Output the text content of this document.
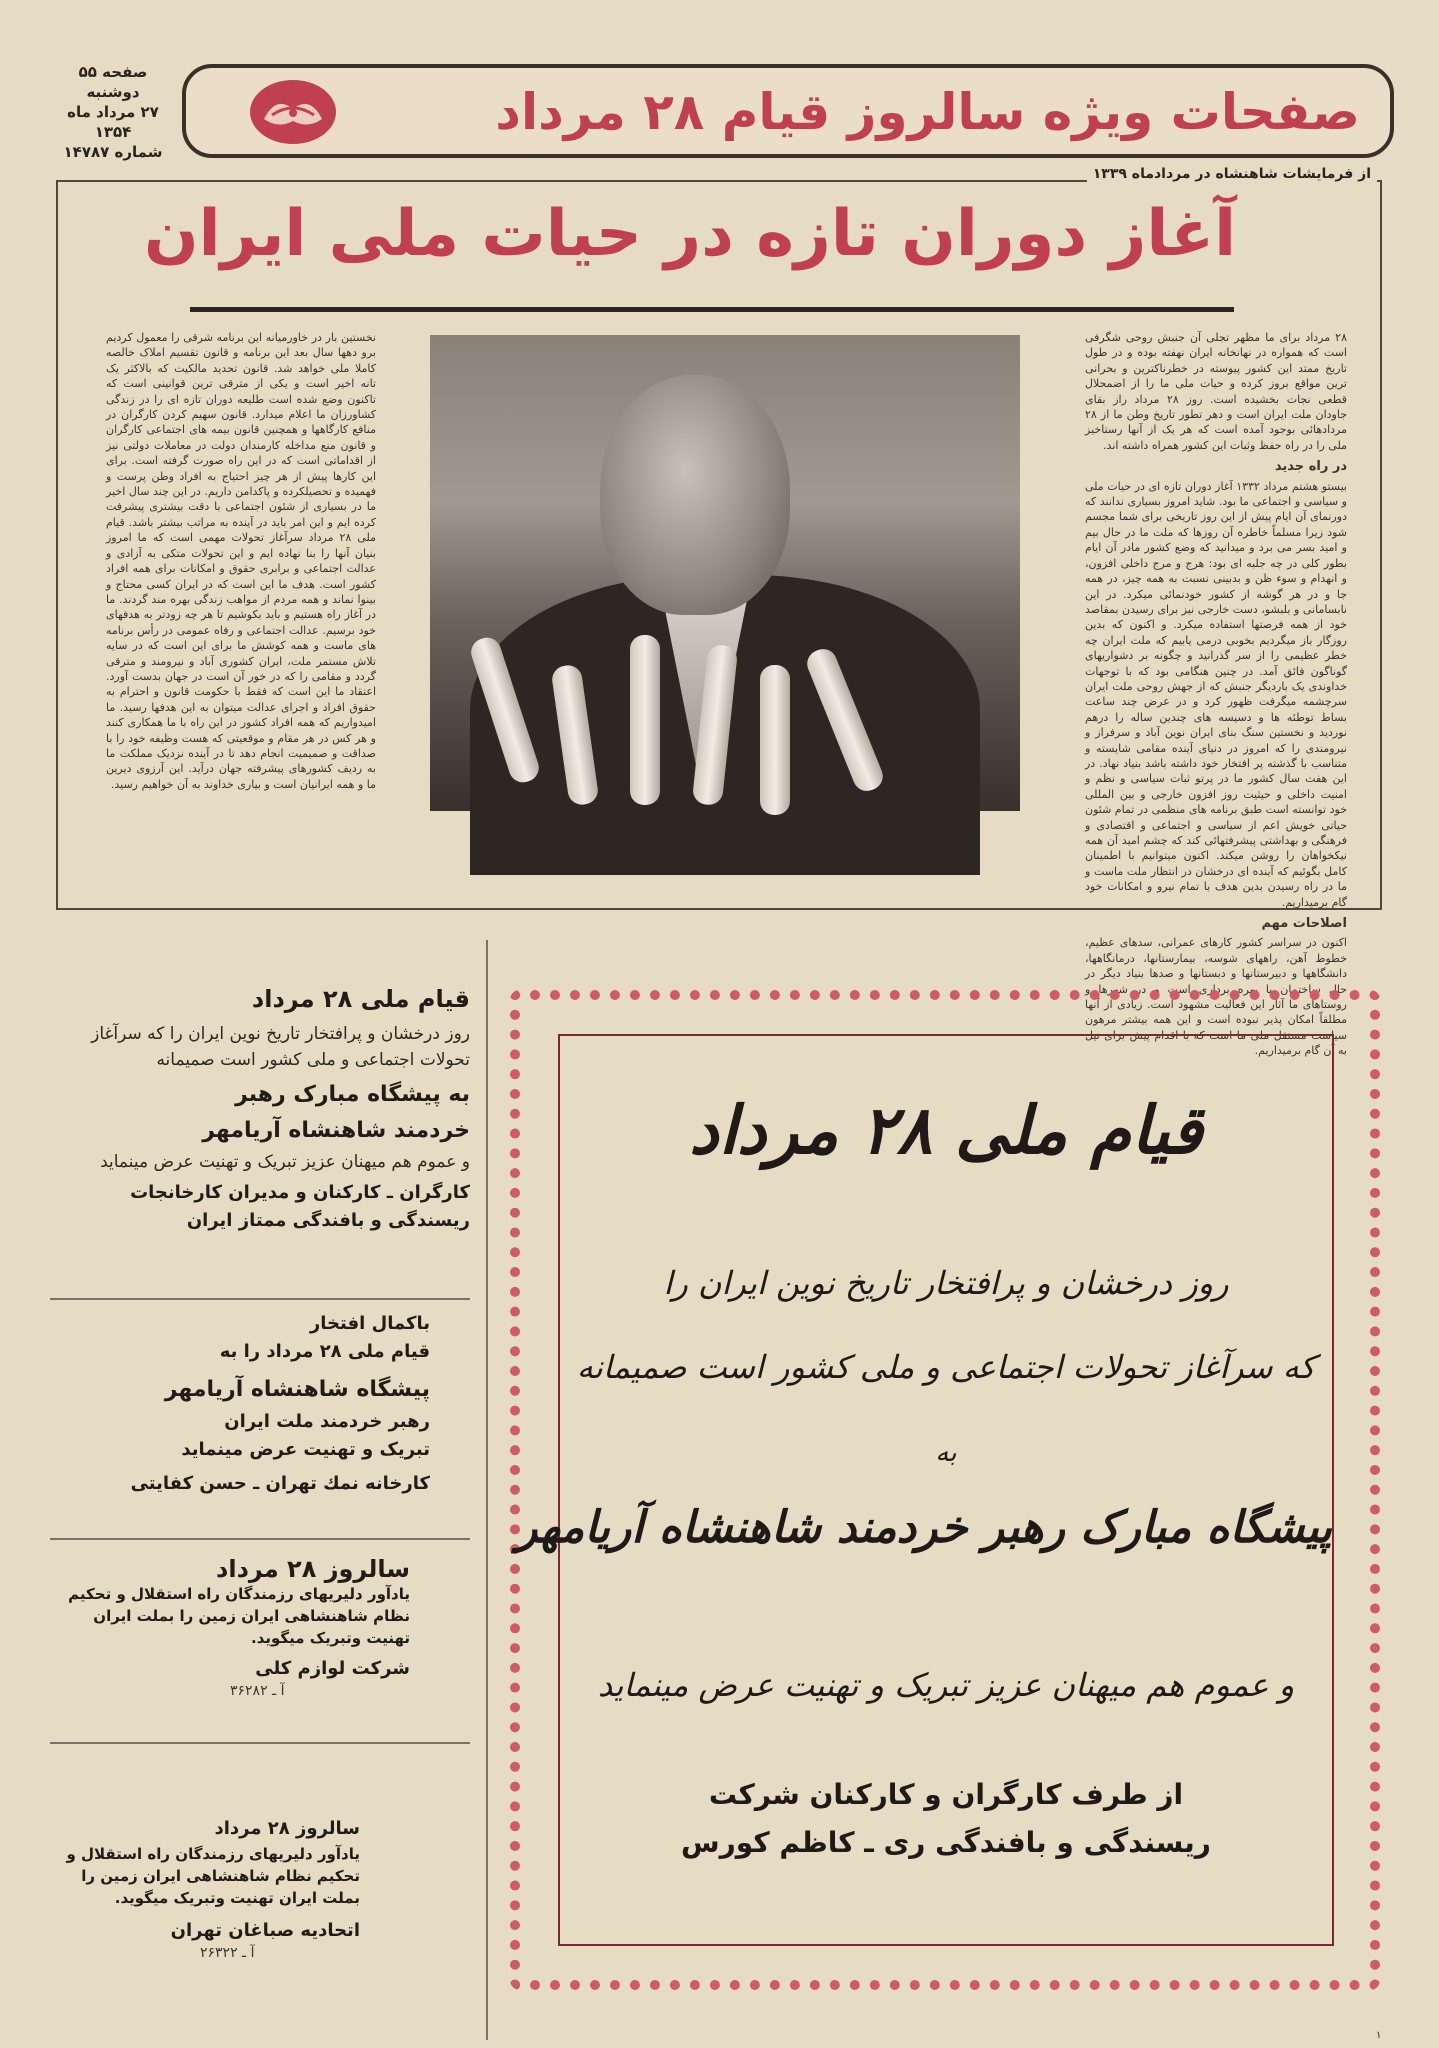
صفحه ۵۵
دوشنبه
۲۷ مرداد ماه ۱۳۵۴
شماره ۱۴۷۸۷
صفحات ویژه سالروز قیام ۲۸ مرداد
از فرمایشات شاهنشاه در مردادماه ۱۳۳۹
آغاز دوران تازه در حیات ملی ایران
۲۸ مرداد برای ما مظهر تجلی آن جنبش روحی شگرفی است که همواره در نهانخانه ایران نهفته بوده و در طول تاریخ ممتد این کشور پیوسته در خطرناکترین و بحرانی ترین مواقع بروز کرده و حیات ملی ما را از اضمحلال قطعی نجات بخشیده است. روز ۲۸ مرداد راز بقای جاودان ملت ایران است و دهر تطور تاریخ وطن ما از ۲۸ مردادهائی بوجود آمده است که هر یک از آنها رستاخیز ملی را در راه حفظ وثبات این کشور همراه داشته اند.
در راه جدید
بیستو هشتم مرداد ۱۳۳۲ آغاز دوران تازه ای در حیات ملی و سیاسی و اجتماعی ما بود. شاید امروز بسیاری ندانند که دورنمای آن ایام پیش از این روز تاریخی برای شما مجسم شود زیرا مسلماً خاطره آن روزها که ملت ما در حال بیم و امید بسر می برد و میدانید که وضع کشور مادر آن ایام بطور کلی در چه جلبه ای بود: هرج و مرج داخلی افزون، و انهدام و سوء ظن و بدبینی نسبت به همه چیز، در همه جا و در هر گوشه از کشور خودنمائی میکرد. در این نابسامانی و بلبشو، دست خارجی نیز برای رسیدن بمقاصد خود از همه فرصتها استفاده میکرد. و اکنون که بدین روزگار باز میگردیم بخوبی درمی یابیم که ملت ایران چه خطر عظیمی را از سر گذرانید و چگونه بر دشواریهای گوناگون فائق آمد. در چنین هنگامی بود که با توجهات خداوندی یک باردیگر جنبش که از جهش روحی ملت ایران سرچشمه میگرفت ظهور کرد و در عرض چند ساعت بساط توطئه ها و دسیسه های چندین ساله را درهم نوردید و نخستین سنگ بنای ایران نوین آباد و سرفراز و نیرومندی را که امروز در دنیای آینده مقامی شایسته و متناسب با گذشته پر افتخار خود داشته باشد بنیاد نهاد. در این هفت سال کشور ما در پرتو ثبات سیاسی و نظم و امنیت داخلی و حیثیت روز افزون خارجی و بین المللی خود توانسته است طبق برنامه های منظمی در تمام شئون حیاتی خویش اعم از سیاسی و اجتماعی و اقتصادی و فرهنگی و بهداشتی پیشرفتهائی کند که چشم امید آن همه نیکخواهان را روشن میکند. اکنون میتوانیم با اطمینان کامل بگوئیم که آینده ای درخشان در انتظار ملت ماست و ما در راه رسیدن بدین هدف با تمام نیرو و امکانات خود گام برمیداریم.
اصلاحات مهم
اکنون در سراسر کشور کارهای عمرانی، سدهای عظیم، خطوط آهن، راههای شوسه، بیمارستانها، درمانگاهها، دانشگاهها و دبیرستانها و دبستانها و صدها بنیاد دیگر در حال ساختمان یا بهره برداری است و در شهرها و روستاهای ما آثار این فعالیت مشهود است. زیادی از آنها مطلقاً امکان پذیر نبوده است و این همه بیشتر مرهون سیاست مستقل ملی ما است که با اقدام پیش برای نیل به آن گام برمیداریم.
نخستین بار در خاورمیانه این برنامه شرقی را معمول کردیم برو دهها سال بعد این برنامه و قانون تقسیم املاک خالصه کاملا ملی خواهد شد. قانون تحدید مالکیت که بالاکثر یک تانه اخیر است و یکی از مترقی ترین قوانینی است که تاکنون وضع شده است طلیعه دوران تازه ای را در زندگی کشاورزان ما اعلام میدارد. قانون سهیم کردن کارگران در منافع کارگاهها و همچنین قانون بیمه های اجتماعی کارگران و قانون منع مداخله کارمندان دولت در معاملات دولتی نیز از اقداماتی است که در این راه صورت گرفته است. برای این کارها پیش از هر چیز احتیاج به افراد وطن پرست و فهمیده و تحصیلکرده و پاکدامن داریم. در این چند سال اخیر ما در بسیاری از شئون اجتماعی با دقت بیشتری پیشرفت کرده ایم و این امر باید در آینده به مراتب بیشتر باشد. قیام ملی ۲۸ مرداد سرآغاز تحولات مهمی است که ما امروز بنیان آنها را بنا نهاده ایم و این تحولات متکی به آزادی و عدالت اجتماعی و برابری حقوق و امکانات برای همه افراد کشور است. هدف ما این است که در ایران کسی محتاج و بینوا نماند و همه مردم از مواهب زندگی بهره مند گردند. ما در آغاز راه هستیم و باید بکوشیم تا هر چه زودتر به هدفهای خود برسیم. عدالت اجتماعی و رفاه عمومی در رأس برنامه های ماست و همه کوشش ما برای این است که در سایه تلاش مستمر ملت، ایران کشوری آباد و نیرومند و مترقی گردد و مقامی را که در خور آن است در جهان بدست آورد. اعتقاد ما این است که فقط با حکومت قانون و احترام به حقوق افراد و اجرای عدالت میتوان به این هدفها رسید. ما امیدواریم که همه افراد کشور در این راه با ما همکاری کنند و هر کس در هر مقام و موقعیتی که هست وظیفه خود را با صداقت و صمیمیت انجام دهد تا در آینده نزدیک مملکت ما به ردیف کشورهای پیشرفته جهان درآید. این آرزوی دیرین ما و همه ایرانیان است و بیاری خداوند به آن خواهیم رسید.
قیام ملی ۲۸ مرداد
روز درخشان و پرافتخار تاریخ نوین ایران را که سرآغاز تحولات اجتماعی و ملی کشور است صمیمانه
به پیشگاه مبارک رهبر
خردمند شاهنشاه آریامهر
و عموم هم میهنان عزیز تبریک و تهنیت عرض مینماید
کارگران ـ کارکنان و مدیران کارخانجات ریسندگی و بافندگی ممتاز ایران
باکمال افتخار
قیام ملی ۲۸ مرداد را به
پیشگاه شاهنشاه آریامهر
رهبر خردمند ملت ایران
تبریک و تهنیت عرض مینماید
کارخانه نمك تهران ـ حسن کفایتی
سالروز ۲۸ مرداد
یادآور دلیریهای رزمندگان راه استقلال و تحکیم نظام شاهنشاهی ایران زمین را بملت ایران تهنیت وتبریک میگوید.
شرکت لوازم کلی
آ ـ ۳۶۲۸۲
سالروز ۲۸ مرداد
یادآور دلیریهای رزمندگان راه استقلال و تحکیم نظام شاهنشاهی ایران زمین را بملت ایران تهنیت وتبریک میگوید.
اتحادیه صباغان تهران
آ ـ ۲۶۳۲۲
قیام ملی ۲۸ مرداد
روز درخشان و پرافتخار تاریخ نوین ایران را
که سرآغاز تحولات اجتماعی و ملی کشور است صمیمانه
به
پیشگاه مبارک رهبر خردمند شاهنشاه آریامهر
و عموم هم میهنان عزیز تبریک و تهنیت عرض مینماید
از طرف کارگران و کارکنان شرکت
ریسندگی و بافندگی ری ـ کاظم کورس
۱
